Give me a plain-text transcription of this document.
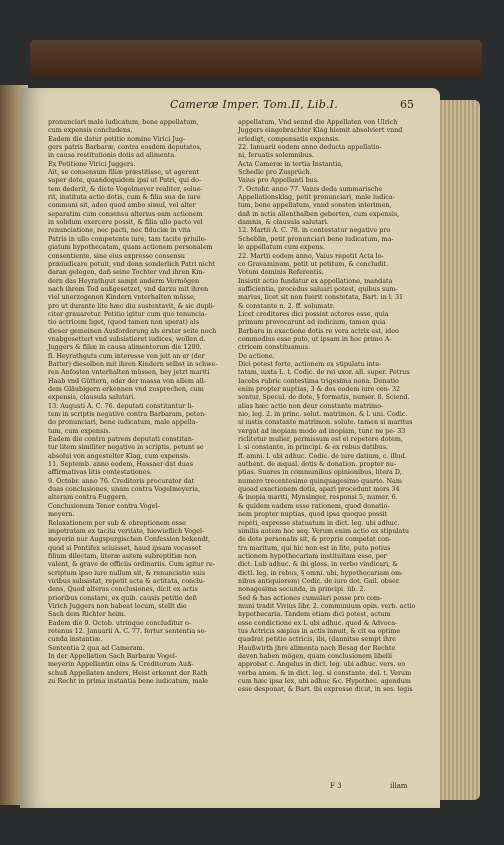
Cameræ Imper. Tom.II, Lib.I.	65

pronunciari male iudicatum, bene appellatum,

cum expensis concludens.

Eadem die datur petitio nomine Virici Jug-

gers patris Barbaræ, contra eosdem deputatos,

in causa restitutionis dotis ad alimenta.

Ex Petitione Virici Juggers.

Ait, se consensum filiæ præstitisse, ut agerent

super dote, quandoquidem ipsi ut Patri, qui do-

tem dederit, & dicto Vogelmeyer realiter, solue-

rit, instituta actio dotis, cum & filia sua de iure

communi sit, adeo quod ambo simul, vel alter

separatim cum consensu alterius eam actionem

in solidum exercere possit, & filia ullo pacto vel

renunciatione, nec pacti, nec fiduciæ in vita

Patris in ullo competente iure, tam tacite priuile-

giatum hypothecatam, quam actionem personalem

consentiente, sine eius expresso consensu

præiudicare potuit, vnd denn sonderlich Patri nicht

daran gelegen, daß seine Tochter vnd ihren Kin-

dern das Heyrathgut sampt anderm Vermögen

nach ihrem Tod außgesetzet, vnd darzu mit ihren

viel unerzogenen Kindern vnterhalten müsse,

pro ut durante lite hæc diu sustentavit, & sic dupli-

citer grauaretur. Petitio igitur cum quo tenuncia-

tio actricem liget, (quod tamen non sperat) als

dieser gemeinen Ausforderung als erster seite noch

vnabgesettert vnd subsistieret iudices, wollen d.

Juggers & filiæ in causa alimentorum die 1200.

fl. Heyrathguts cum interesse von jeit an er (der

Batter) dieselben mit ihren Kindern selbst in schwe-

ren Anfosten vnterhalten müssen, bey jetzt mariti

Haab vnd Güttern, oder der massa von allem all-

dem Gläubigern erkennen vnd zusprechen, cum

expensis, clausula salutari.

13. Augusti A. C. 76. deputati constitantur li-

tem in scriptis negative contra Barbaram, peten-

do pronunciari, bene iudicatum, male appella-

tum, cum expensis.

Eadem die contra patrem deputati constitan-

tur litem similiter negative in scriptis, petunt se

absolui von angestelter Klag, cum expensis.

11. Septemb. anno eodem, Hassaer dat duas

affirmativas litis contestationes.

9. Octobr. anno 76. Creditoris procurator dat

duas conclusiones, unam contra Vogelmeyeria,

alteram contra Fuggern,

Conclusionum Tenor contra Vogel-

meyern.

Relaxationem per sub & obreptionem esse

impetratam ex tacita veritate, hiewieflich Vogel-

meyerin nur Augspurgischen Confession bekendt,

quod si Pontifex sciuisset, haud ipsam vocasset

filium dilectam, literæ autem subreptitiæ non

valent, & grave de officiis ordinariis. Cum igitur re-

scriptum ipso iure nullum sit, & renunciatio suis

viribus subsistat, repetit acta & actitata, conclu-

dens, Quod alteras conclusiones, dicit ex actis

prioribus constare, ex quib. causis petitio deß

Virich Juggers non habeat locum, stellt die

Sach dem Richter heim.

Eadem die 9. Octob. utrinque concluditur o-

retenus 12. Januarii A. C. 77. fertur sententia se-

cunda instantiæ.

Sententia 2 qua ad Cameram.

In der Appellation Sach Barbaræ Vogel-

meyerin Appellantin eins & Creditorum Auß-

schuß Appellaten anders, Heist erkennt der Rath

zu Recht in prima instantia bene iudicatum, male

appellatum, Vnd sennd die Appellaten von Ulrich

Juggers eingebrachter Klag hiemit absolviert vnnd

erledigt, compensatis expensis.

22. Ianuarii eodem anno deducta appellatio-

ni, feruatis solemnibus.

Acta Cameræ in tertia Instantia,

Schedle pro Zusprüch.

Vaius pro Appellanti bus.

7. Octobr. anno 77. Vaius deda summarische

Appellationsklag, petit pronunciari, male iudica-

tum, bene appellatum, vnnd sonsten interimen,

daß in actis allenthalben geberten, cum expensis,

damnis, & clausula salutari.

12. Martii A. C. 78. in contestatur negative pro

Scheblin, petit pronunciari bene iudicatum, ma-

le appellatum cum expens.

22. Martii eodem anno, Vaius repetit Acta lo-

co Gravaminum, petit ut petitum, & concludit.

Votum dominis Referentis.

Insistit actio fundatur ex appellatione, mandata

sufficientia, procedus saluari potest, quibus sum-

marius, licet sit non fuerit constetata, Bart. in l. 31

& constante n. 2. ff. solumatr.

Licet creditores dici possint actores esse, quia

primum provocarunt ad iudicium, tamen quia

Barbara in exactione dotis re vera actrix est, ideo

commodius esse puto, ut ipsam in hoc primo A-

ctricem constituamus.

De actione.

Dici potest forte, actionem ex stipulatu inte-

tatam, iuxta L. t. Codic. de rei uxor. all. super. Petrus

Iacobs rubric contestima trigesima nona. Donatio

enim propter nuptias, 3 & dos eodem iure cen- 32

sentur, Specul. de dote, § formatis, numer. 8. Sciend.

alias hæc actio non deur constante matrimo-

nio, leg. 2. in princ. solut. matrimon. & l. uni. Codic.

si iustis constante matrimon. solute. tamen si maritus

vergat ad inopiam modo ad inopiam, tunc ne pe- 33

riclitetur mulier, permissum est ei repetere dotem,

l. si constante, in principi. & ex rebus datibus.

ff. amni. l. ubi adhuc. Codic. de iure datium, c. illud.

authent. de æqual. dotis & donation. propter nu-

ptias. Suares in communibus opinionibus, litera D,

numero trecentesimo quinquagesimo quarto. Nam

quoad exactionem dotis, apari procedunt mors 34

& inopia mariti, Mynsinger, responsi 5, numer. 6.

& quidem eadem esse rationem, quod donatio-

nem propter nuptias, quod ipsa quoque possit

repeti, expresse statuatum in dict. leg. ubi adhuc.

similis autem hoc seq. Verum enim actio ex stipulatu

de dote personalis sit, & proprie competat con-

tra maritum, qui hic non est in lite, puto potius

actionem hypothecariam instituitam esse, per

dict. Lub adhuc. & ibi gloss. in verbo vindicari, &

dictl. leg. in rebus, § omni. ubi, hypothecariam om-

nibus antiquiorem) Codic. de iure dot. Gail. obser.

nonagesima secunda, in principi. lib. 2.

Sed & has actiones cumulari posse pro com-

muni tradit Vivius libr. 2. communium opin. verb. actio

hypothecaria. Tandem etiam dici potest, actum

esse condictione ex L ubi adhuc. quod & Advoca-

tus Actricis sæpius in actis innuit, & cit ea optime

quadrat petitio actricis, ibi, (dannitse sempt ihre

Haußwirth jhre alimenta nach Besag der Rechte

davon haben mögen, quam conclusionem libelli

approbat c. Angelus in dict. leg. ubi adhuc. vers. eo

verba amen. & in dict. leg. si constante. del. t. Verum

cum hæc ipsa lex, ubi adhuc &c. Hypothec. agendum

esse desponat, & Bart. ibi expresse dicat, in ses. legis

F 3	illam
